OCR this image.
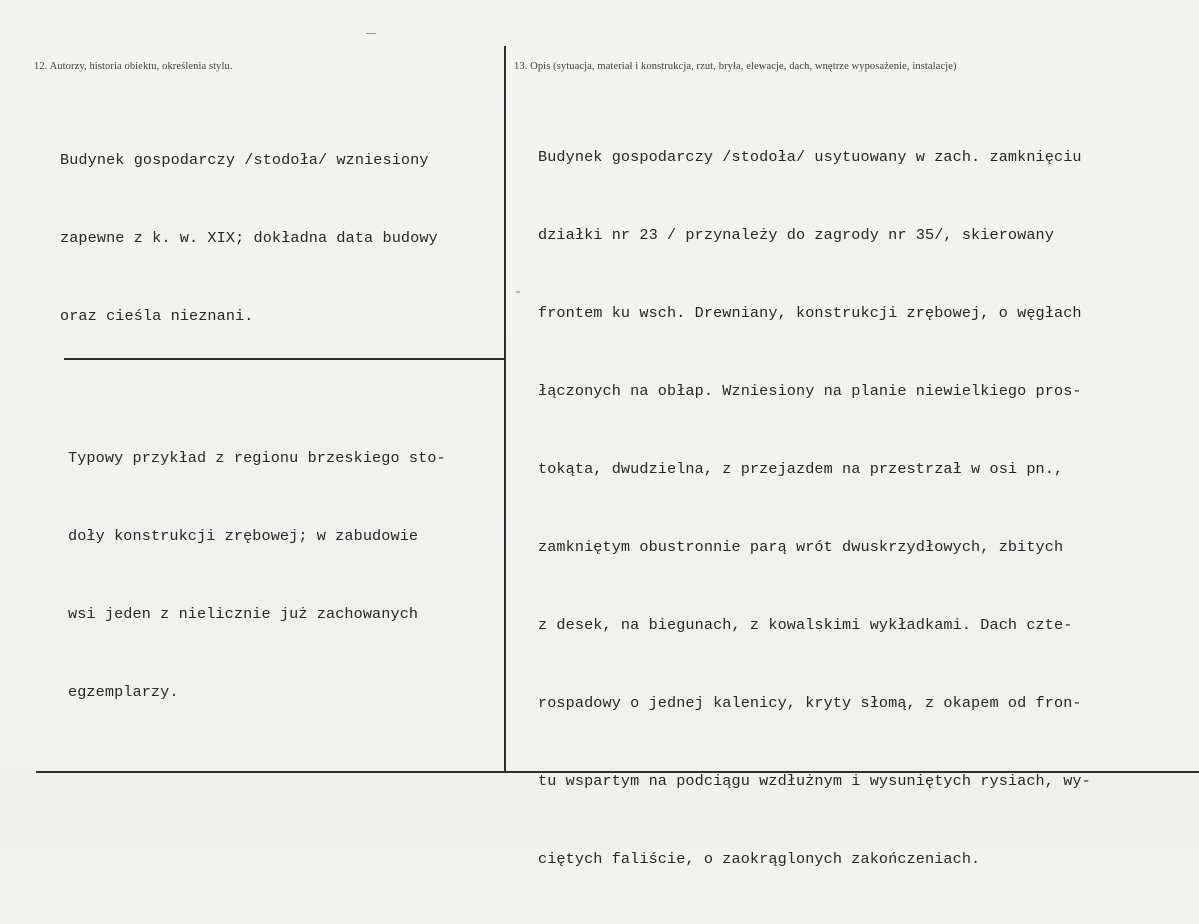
12. Autorzy, historia obiektu, określenia stylu.	13. Opis (sytuacja, materiał i konstrukcja, rzut, bryła, elewacje, dach, wnętrze wyposażenie, instalacje)

Budynek gospodarczy /stodoła/ wzniesiony

zapewne z k. w. XIX; dokładna data budowy

oraz cieśla nieznani.

Typowy przykład z regionu brzeskiego sto-

doły konstrukcji zrębowej; w zabudowie

wsi jeden z nielicznie już zachowanych

egzemplarzy.

Budynek gospodarczy /stodoła/ usytuowany w zach. zamknięciu

działki nr 23 / przynależy do zagrody nr 35/, skierowany

frontem ku wsch. Drewniany, konstrukcji zrębowej, o węgłach

łączonych na obłap. Wzniesiony na planie niewielkiego pros-

tokąta, dwudzielna, z przejazdem na przestrzał w osi pn.,

zamkniętym obustronnie parą wrót dwuskrzydłowych, zbitych

z desek, na biegunach, z kowalskimi wykładkami. Dach czte-

rospadowy o jednej kalenicy, kryty słomą, z okapem od fron-

tu wspartym na podciągu wzdłużnym i wysuniętych rysiach, wy-

ciętych faliście, o zaokrąglonych zakończeniach.
